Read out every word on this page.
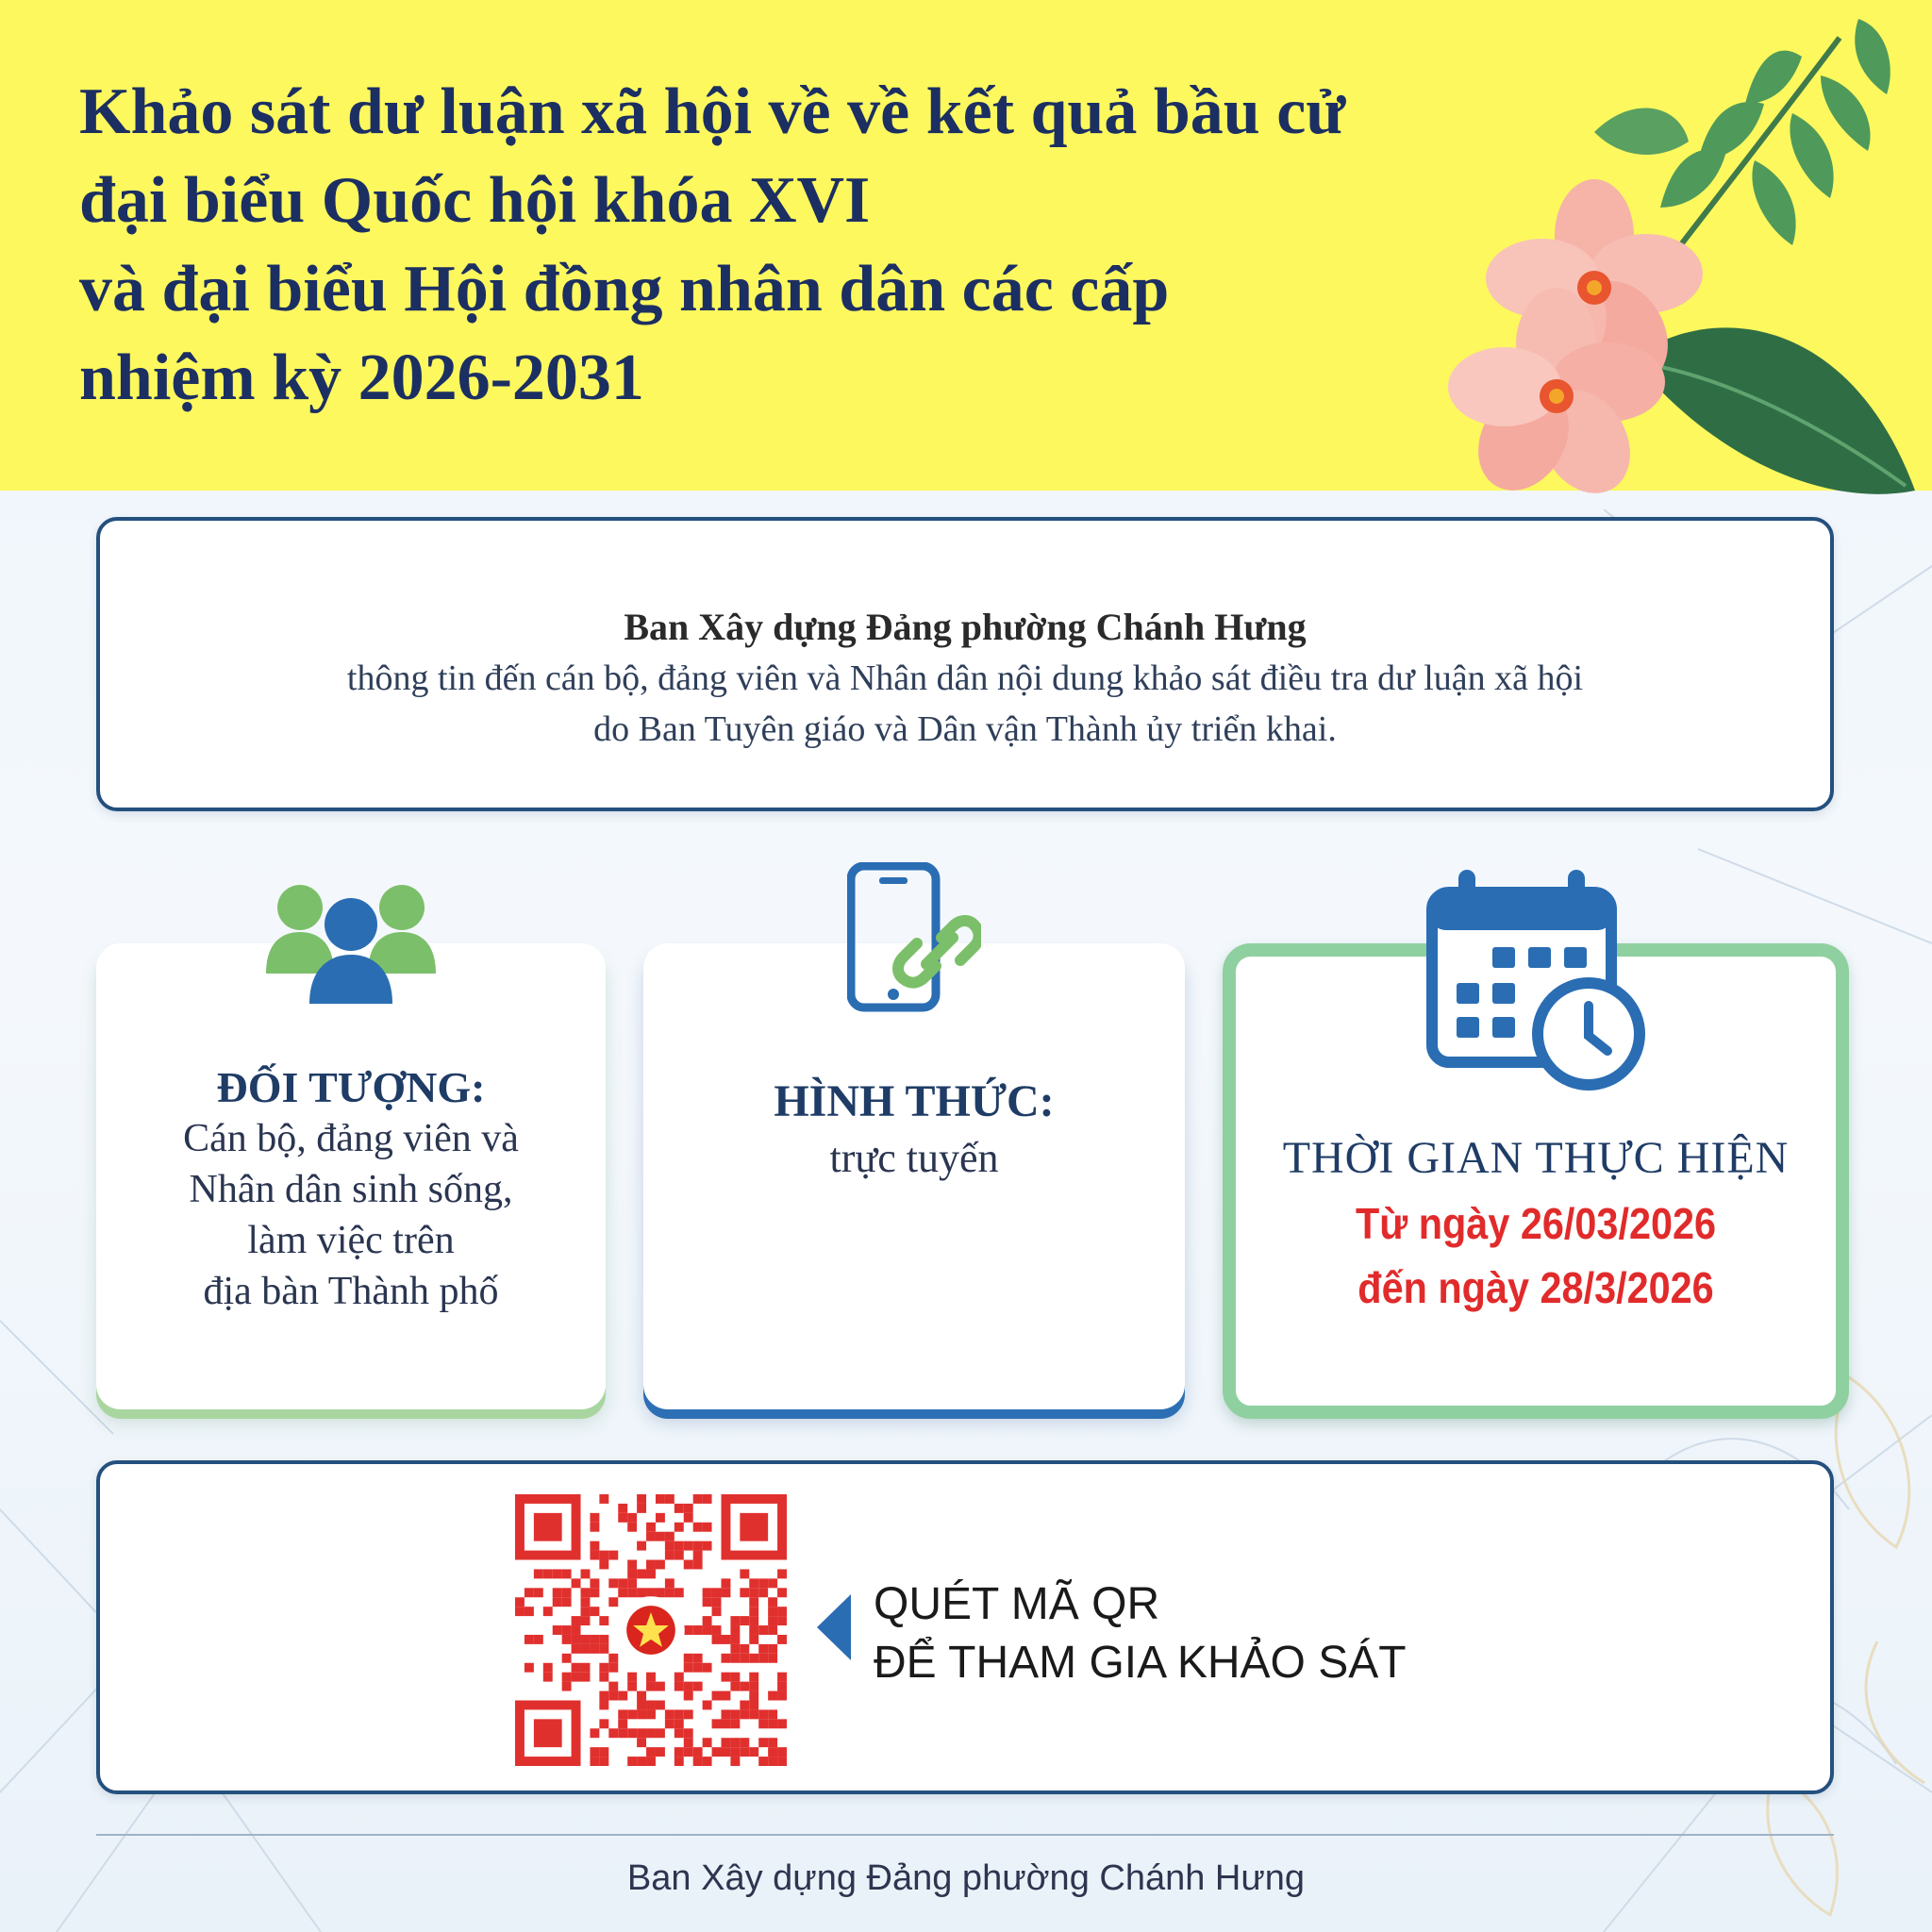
Khảo sát dư luận xã hội về về kết quả bầu cử
đại biểu Quốc hội khóa XVI
và đại biểu Hội đồng nhân dân các cấp
nhiệm kỳ 2026-2031
Ban Xây dựng Đảng phường Chánh Hưng
thông tin đến cán bộ, đảng viên và Nhân dân nội dung khảo sát điều tra dư luận xã hội
do Ban Tuyên giáo và Dân vận Thành ủy triển khai.
ĐỐI TƯỢNG:
Cán bộ, đảng viên và
Nhân dân sinh sống,
làm việc trên
địa bàn Thành phố
HÌNH THỨC:
trực tuyến	THỜI GIAN THỰC HIỆN
Từ ngày 26/03/2026
đến ngày 28/3/2026
QUÉT MÃ QR
ĐỂ THAM GIA KHẢO SÁT
Ban Xây dựng Đảng phường Chánh Hưng
